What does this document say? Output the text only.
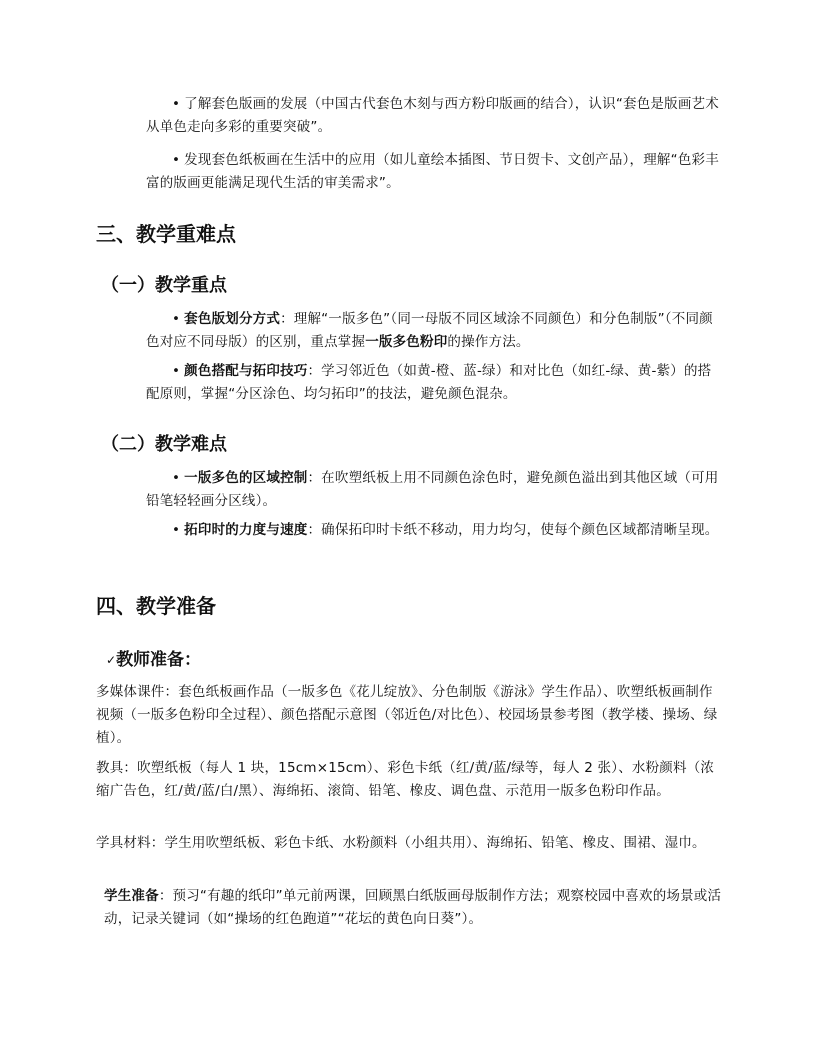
• 了解套色版画的发展（中国古代套色木刻与西方粉印版画的结合），认识“套色是版画艺术从单色走向多彩的重要突破”。
• 发现套色纸板画在生活中的应用（如儿童绘本插图、节日贺卡、文创产品），理解“色彩丰富的版画更能满足现代生活的审美需求”。
三、教学重难点
（一）教学重点
• 套色版划分方式：理解“一版多色”（同一母版不同区域涂不同颜色）和分色制版”（不同颜色对应不同母版）的区别，重点掌握一版多色粉印的操作方法。
• 颜色搭配与拓印技巧：学习邻近色（如黄-橙、蓝-绿）和对比色（如红-绿、黄-紫）的搭配原则，掌握“分区涂色、均匀拓印”的技法，避免颜色混杂。
（二）教学难点
• 一版多色的区域控制：在吹塑纸板上用不同颜色涂色时，避免颜色溢出到其他区域（可用铅笔轻轻画分区线）。
• 拓印时的力度与速度：确保拓印时卡纸不移动，用力均匀，使每个颜色区域都清晰呈现。
四、教学准备
✓教师准备：
多媒体课件：套色纸板画作品（一版多色《花儿绽放》、分色制版《游泳》学生作品）、吹塑纸板画制作视频（一版多色粉印全过程）、颜色搭配示意图（邻近色/对比色）、校园场景参考图（教学楼、操场、绿植）。
教具：吹塑纸板（每人 1 块，15cm×15cm）、彩色卡纸（红/黄/蓝/绿等，每人 2 张）、水粉颜料（浓缩广告色，红/黄/蓝/白/黑）、海绵拓、滚筒、铅笔、橡皮、调色盘、示范用一版多色粉印作品。
学具材料：学生用吹塑纸板、彩色卡纸、水粉颜料（小组共用）、海绵拓、铅笔、橡皮、围裙、湿巾。
学生准备：预习“有趣的纸印”单元前两课，回顾黑白纸版画母版制作方法；观察校园中喜欢的场景或活动，记录关键词（如“操场的红色跑道”“花坛的黄色向日葵”）。
